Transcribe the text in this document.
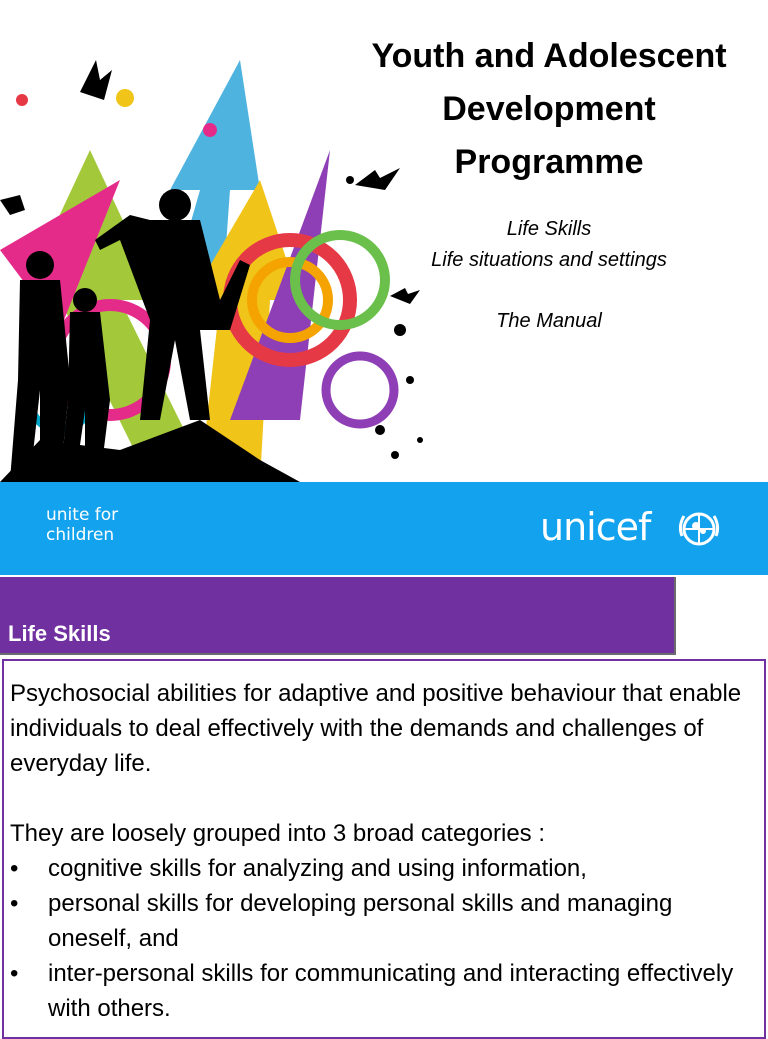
Youth and Adolescent
Development
Programme
Life Skills
Life situations and settings
The Manual
unite for
children	unicef
Life Skills

Psychosocial abilities for adaptive and positive behaviour that enable individuals to deal effectively with the demands and challenges of everyday life.

They are loosely grouped into 3 broad categories :

• cognitive skills for analyzing and using information,
• personal skills for developing personal skills and managing oneself, and
• inter-personal skills for communicating and interacting effectively with others.
